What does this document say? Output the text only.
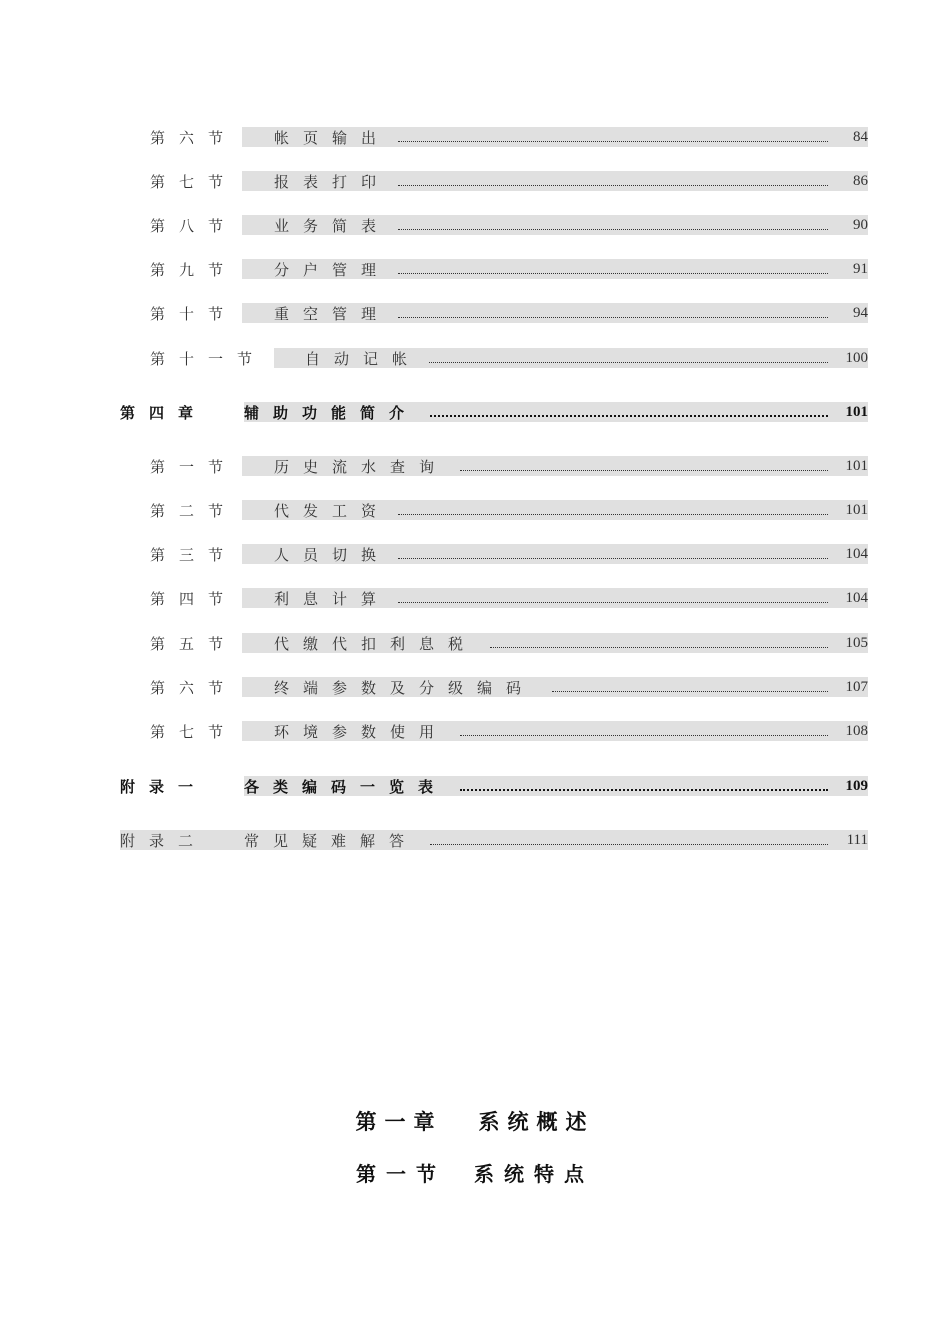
第六节 帐页输出	84
第七节 报表打印	86
第八节 业务简表	90
第九节 分户管理	91
第十节 重空管理	94
第十一节	自动记帐	100
第四章 辅助功能简介	101
第一节 历史流水查询	101
第二节 代发工资	101
第三节 人员切换	104
第四节 利息计算	104
第五节 代缴代扣利息税	105
第六节 终端参数及分级编码	107
第七节 环境参数使用	108
附录一 各类编码一览表	109
附录二 常见疑难解答	111
第一章 系统概述
第一节 系统特点
